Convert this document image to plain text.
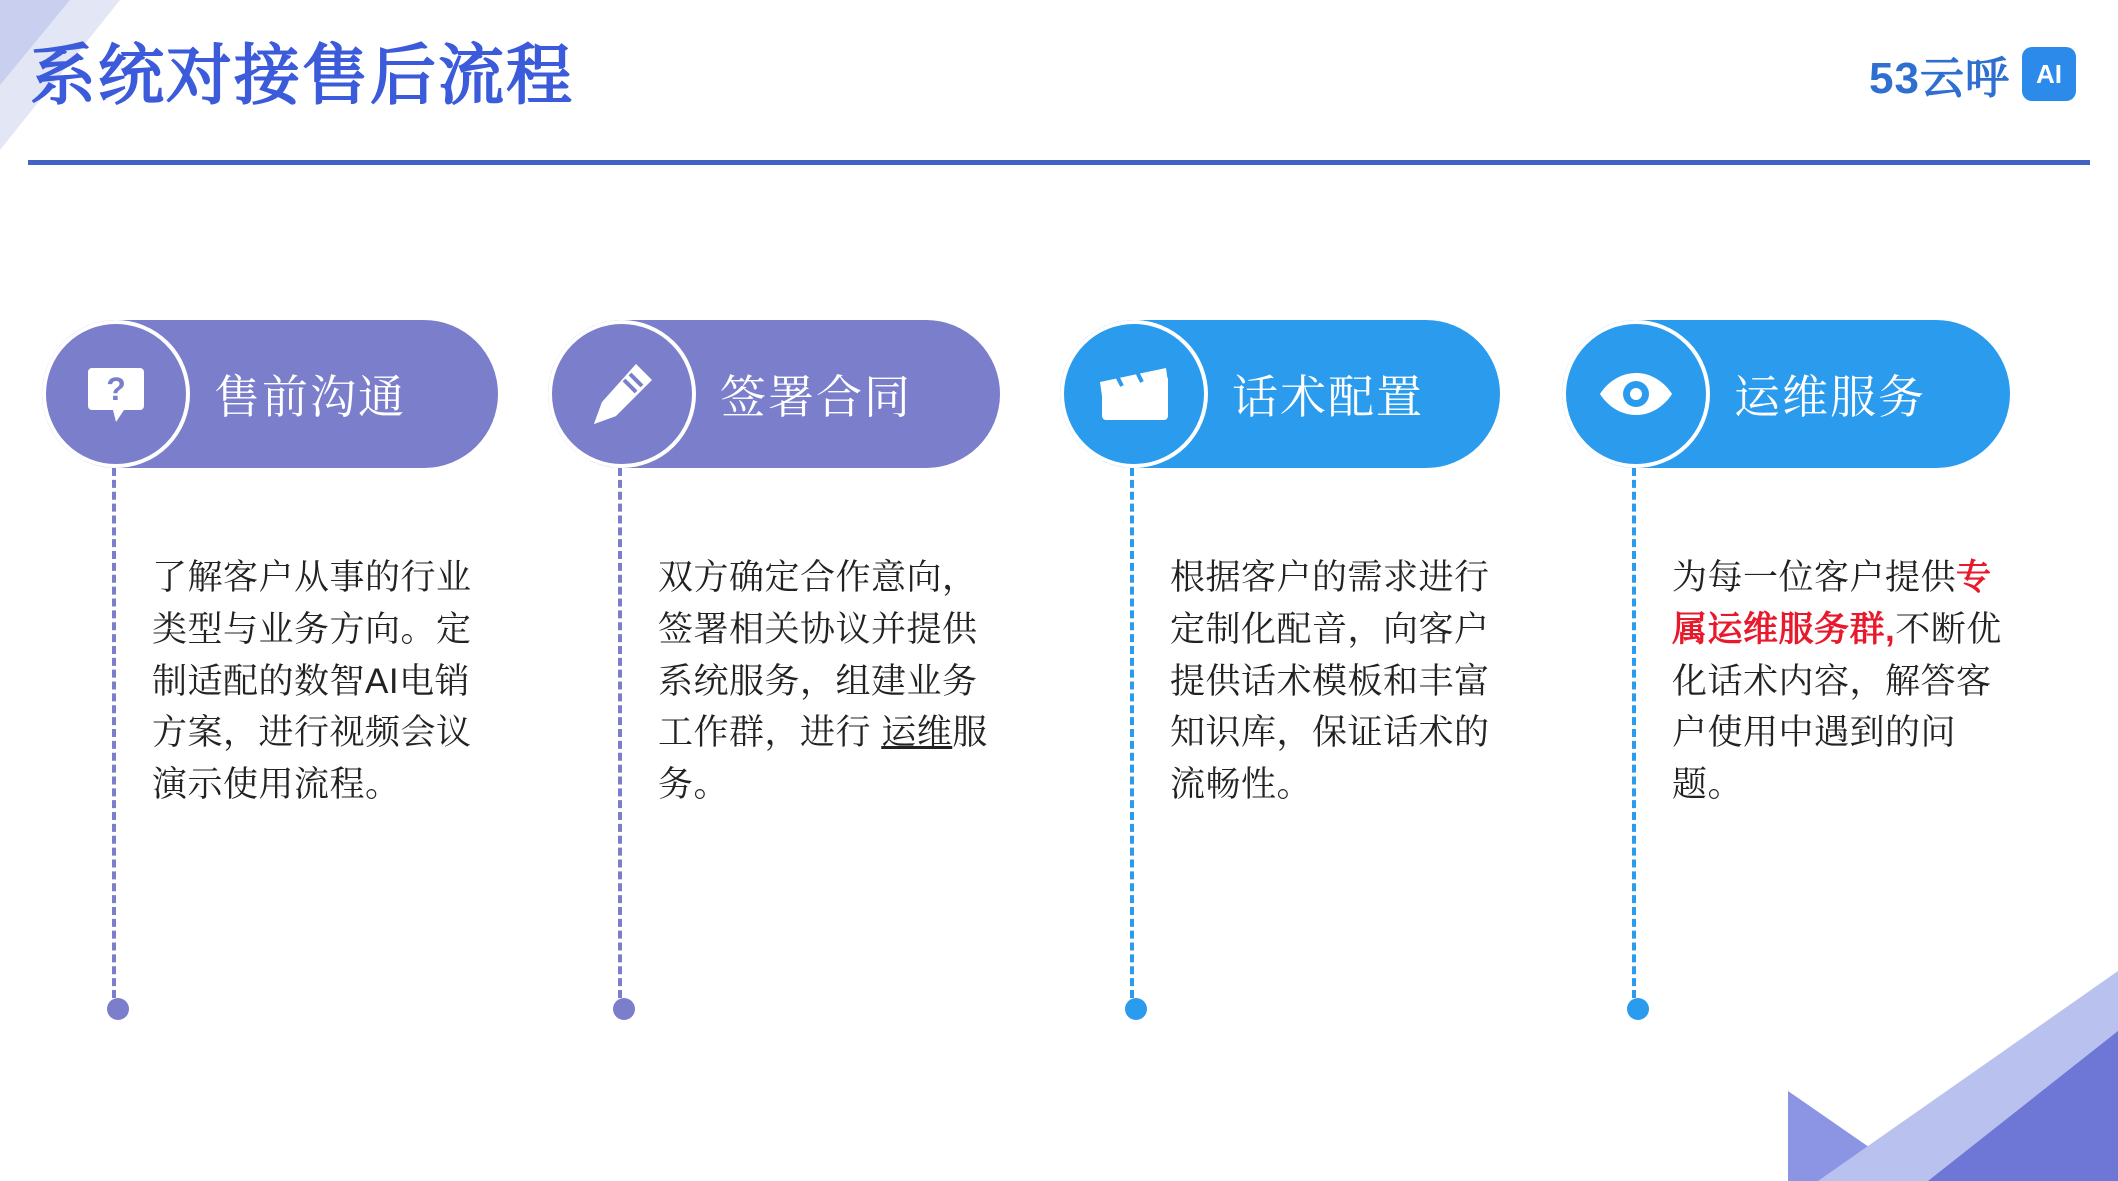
系统对接售后流程	53云呼	AI
? 售前沟通
了解客户从事的行业类型与业务方向。定制适配的数智AI电销方案，进行视频会议演示使用流程。
签署合同
双方确定合作意向，签署相关协议并提供系统服务，组建业务工作群，进行 运维服务。
话术配置
根据客户的需求进行定制化配音，向客户提供话术模板和丰富知识库，保证话术的流畅性。
运维服务
为每一位客户提供专属运维服务群,不断优化话术内容，解答客户使用中遇到的问题。
